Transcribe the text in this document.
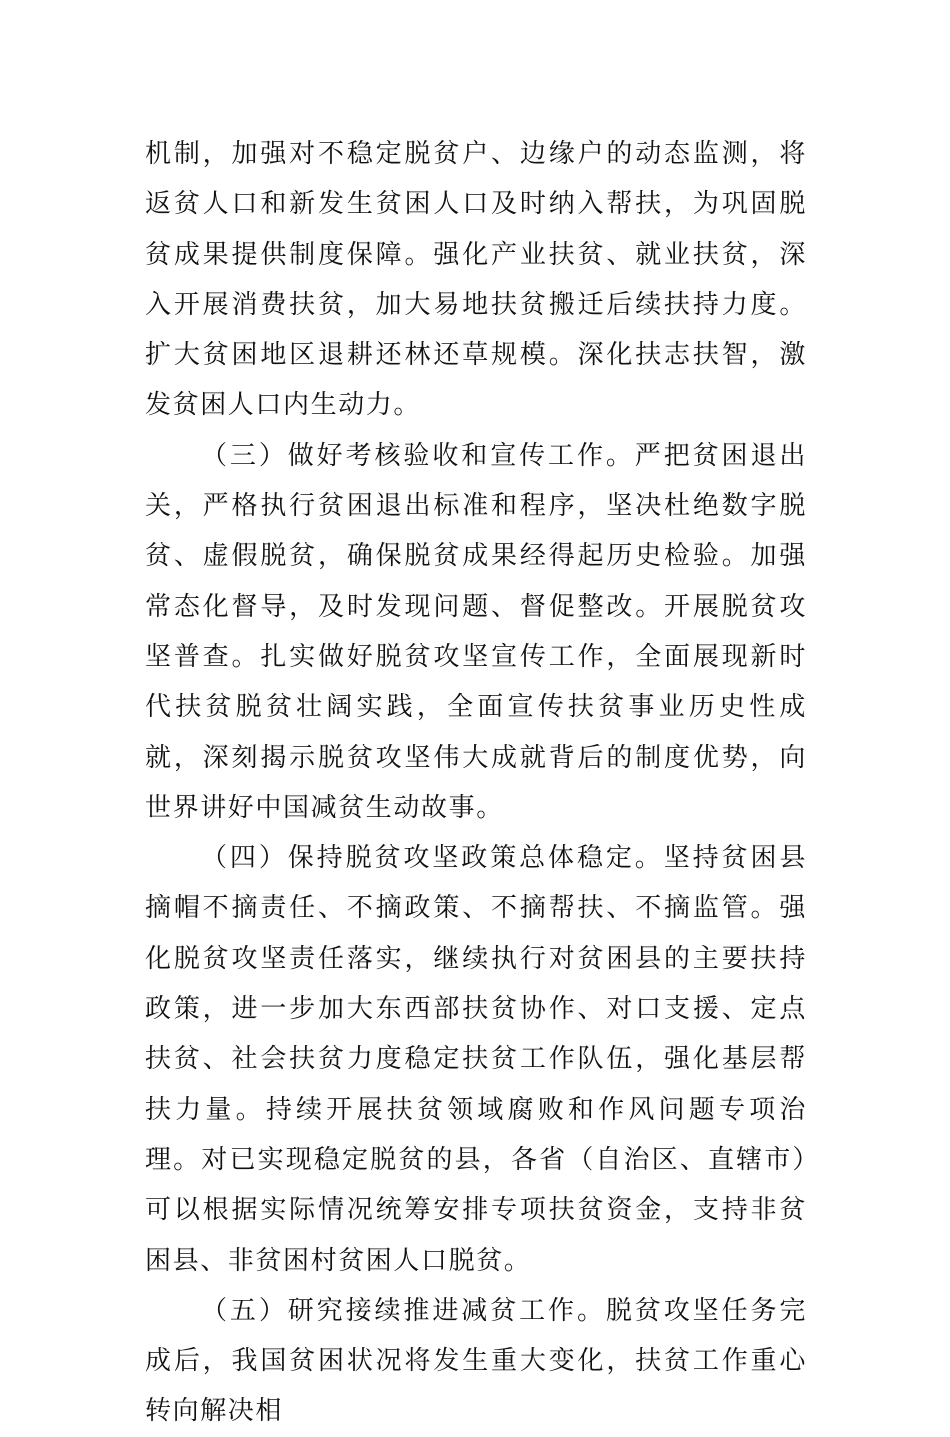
机制，加强对不稳定脱贫户、边缘户的动态监测，将返贫人口和新发生贫困人口及时纳入帮扶，为巩固脱贫成果提供制度保障。强化产业扶贫、就业扶贫，深入开展消费扶贫，加大易地扶贫搬迁后续扶持力度。扩大贫困地区退耕还林还草规模。深化扶志扶智，激发贫困人口内生动力。

（三）做好考核验收和宣传工作。严把贫困退出关，严格执行贫困退出标准和程序，坚决杜绝数字脱贫、虚假脱贫，确保脱贫成果经得起历史检验。加强常态化督导，及时发现问题、督促整改。开展脱贫攻坚普查。扎实做好脱贫攻坚宣传工作，全面展现新时代扶贫脱贫壮阔实践，全面宣传扶贫事业历史性成就，深刻揭示脱贫攻坚伟大成就背后的制度优势，向世界讲好中国减贫生动故事。

（四）保持脱贫攻坚政策总体稳定。坚持贫困县摘帽不摘责任、不摘政策、不摘帮扶、不摘监管。强化脱贫攻坚责任落实，继续执行对贫困县的主要扶持政策，进一步加大东西部扶贫协作、对口支援、定点扶贫、社会扶贫力度稳定扶贫工作队伍，强化基层帮扶力量。持续开展扶贫领域腐败和作风问题专项治理。对已实现稳定脱贫的县，各省（自治区、直辖市）可以根据实际情况统筹安排专项扶贫资金，支持非贫困县、非贫困村贫困人口脱贫。

（五）研究接续推进减贫工作。脱贫攻坚任务完成后，我国贫困状况将发生重大变化，扶贫工作重心转向解决相
